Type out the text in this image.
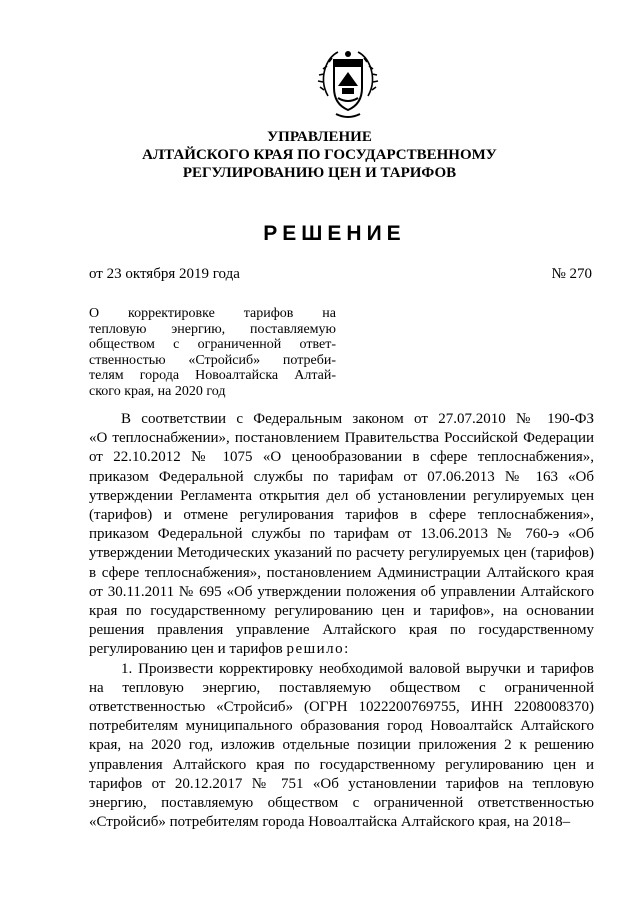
УПРАВЛЕНИЕ
АЛТАЙСКОГО КРАЯ ПО ГОСУДАРСТВЕННОМУ
РЕГУЛИРОВАНИЮ ЦЕН И ТАРИФОВ
РЕШЕНИЕ
от 23 октября 2019 года	№ 270
О корректировке тарифов на
тепловую энергию, поставляемую
обществом с ограниченной ответ-
ственностью «Стройсиб» потреби-
телям города Новоалтайска Алтай-
ского края, на 2020 год
В соответствии с Федеральным законом от 27.07.2010 № 190-ФЗ
«О теплоснабжении», постановлением Правительства Российской Федерации
от 22.10.2012 № 1075 «О ценообразовании в сфере теплоснабжения»,
приказом Федеральной службы по тарифам от 07.06.2013 № 163 «Об
утверждении Регламента открытия дел об установлении регулируемых цен
(тарифов) и отмене регулирования тарифов в сфере теплоснабжения»,
приказом Федеральной службы по тарифам от 13.06.2013 № 760-э «Об
утверждении Методических указаний по расчету регулируемых цен (тарифов)
в сфере теплоснабжения», постановлением Администрации Алтайского края
от 30.11.2011 № 695 «Об утверждении положения об управлении Алтайского
края по государственному регулированию цен и тарифов», на основании
решения правления управление Алтайского края по государственному
регулированию цен и тарифов решило:
1. Произвести корректировку необходимой валовой выручки и тарифов
на тепловую энергию, поставляемую обществом с ограниченной
ответственностью «Стройсиб» (ОГРН 1022200769755, ИНН 2208008370)
потребителям муниципального образования город Новоалтайск Алтайского
края, на 2020 год, изложив отдельные позиции приложения 2 к решению
управления Алтайского края по государственному регулированию цен и
тарифов от 20.12.2017 № 751 «Об установлении тарифов на тепловую
энергию, поставляемую обществом с ограниченной ответственностью
«Стройсиб» потребителям города Новоалтайска Алтайского края, на 2018–
